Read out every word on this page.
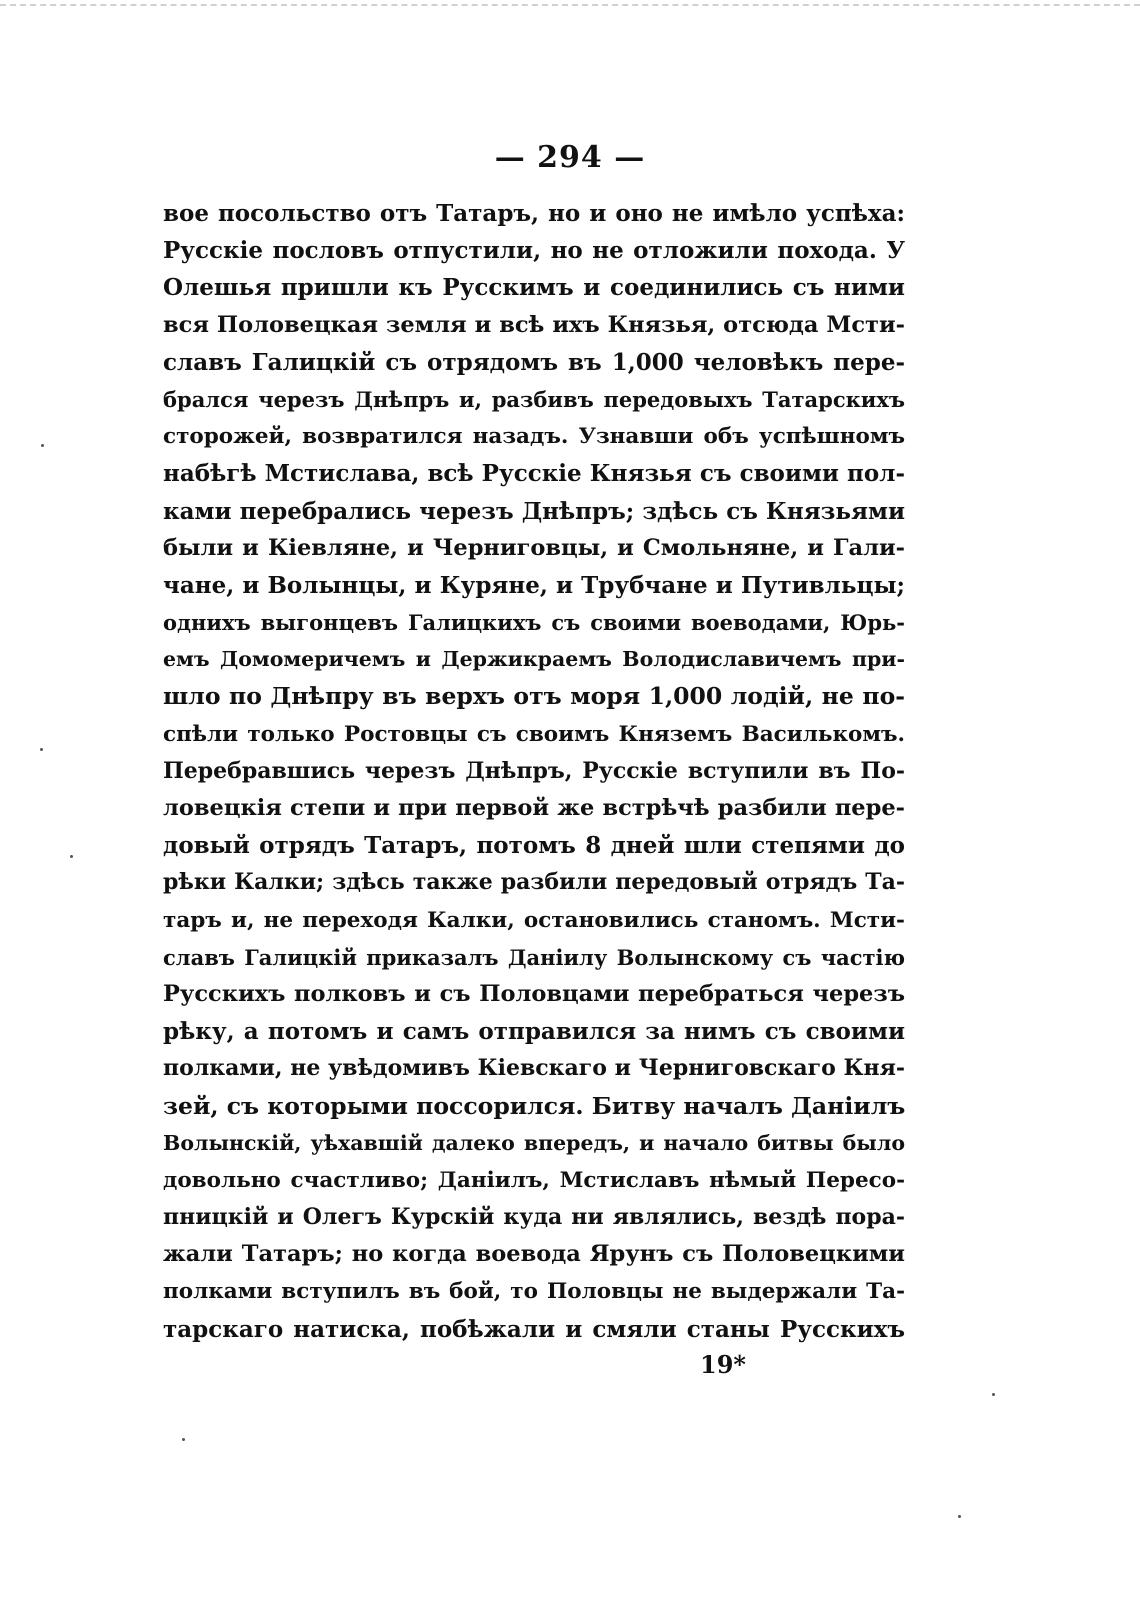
— 294 —
вое посольство отъ Татаръ, но и оно не имѣло успѣха:
Русскіе пословъ отпустили, но не отложили похода. У
Олешья пришли къ Русскимъ и соединились съ ними
вся Половецкая земля и всѣ ихъ Князья, отсюда Мсти-
славъ Галицкій съ отрядомъ въ 1,000 человѣкъ пере-
брался черезъ Днѣпръ и, разбивъ передовыхъ Татарскихъ
сторожей, возвратился назадъ. Узнавши объ успѣшномъ
набѣгѣ Мстислава, всѣ Русскіе Князья съ своими пол-
ками перебрались черезъ Днѣпръ; здѣсь съ Князьями
были и Кіевляне, и Черниговцы, и Смольняне, и Гали-
чане, и Волынцы, и Куряне, и Трубчане и Путивльцы;
однихъ выгонцевъ Галицкихъ съ своими воеводами, Юрь-
емъ Домомеричемъ и Держикраемъ Володиславичемъ при-
шло по Днѣпру въ верхъ отъ моря 1,000 лодій, не по-
спѣли только Ростовцы съ своимъ Княземъ Василькомъ.
Перебравшись черезъ Днѣпръ, Русскіе вступили въ По-
ловецкія степи и при первой же встрѣчѣ разбили пере-
довый отрядъ Татаръ, потомъ 8 дней шли степями до
рѣки Калки; здѣсь также разбили передовый отрядъ Та-
таръ и, не переходя Калки, остановились станомъ. Мсти-
славъ Галицкій приказалъ Даніилу Волынскому съ частію
Русскихъ полковъ и съ Половцами перебраться черезъ
рѣку, а потомъ и самъ отправился за нимъ съ своими
полками, не увѣдомивъ Кіевскаго и Черниговскаго Кня-
зей, съ которыми поссорился. Битву началъ Даніилъ
Волынскій, уѣхавшій далеко впередъ, и начало битвы было
довольно счастливо; Даніилъ, Мстиславъ нѣмый Пересо-
пницкій и Олегъ Курскій куда ни являлись, вездѣ пора-
жали Татаръ; но когда воевода Ярунъ съ Половецкими
полками вступилъ въ бой, то Половцы не выдержали Та-
тарскаго натиска, побѣжали и смяли станы Русскихъ
19*
